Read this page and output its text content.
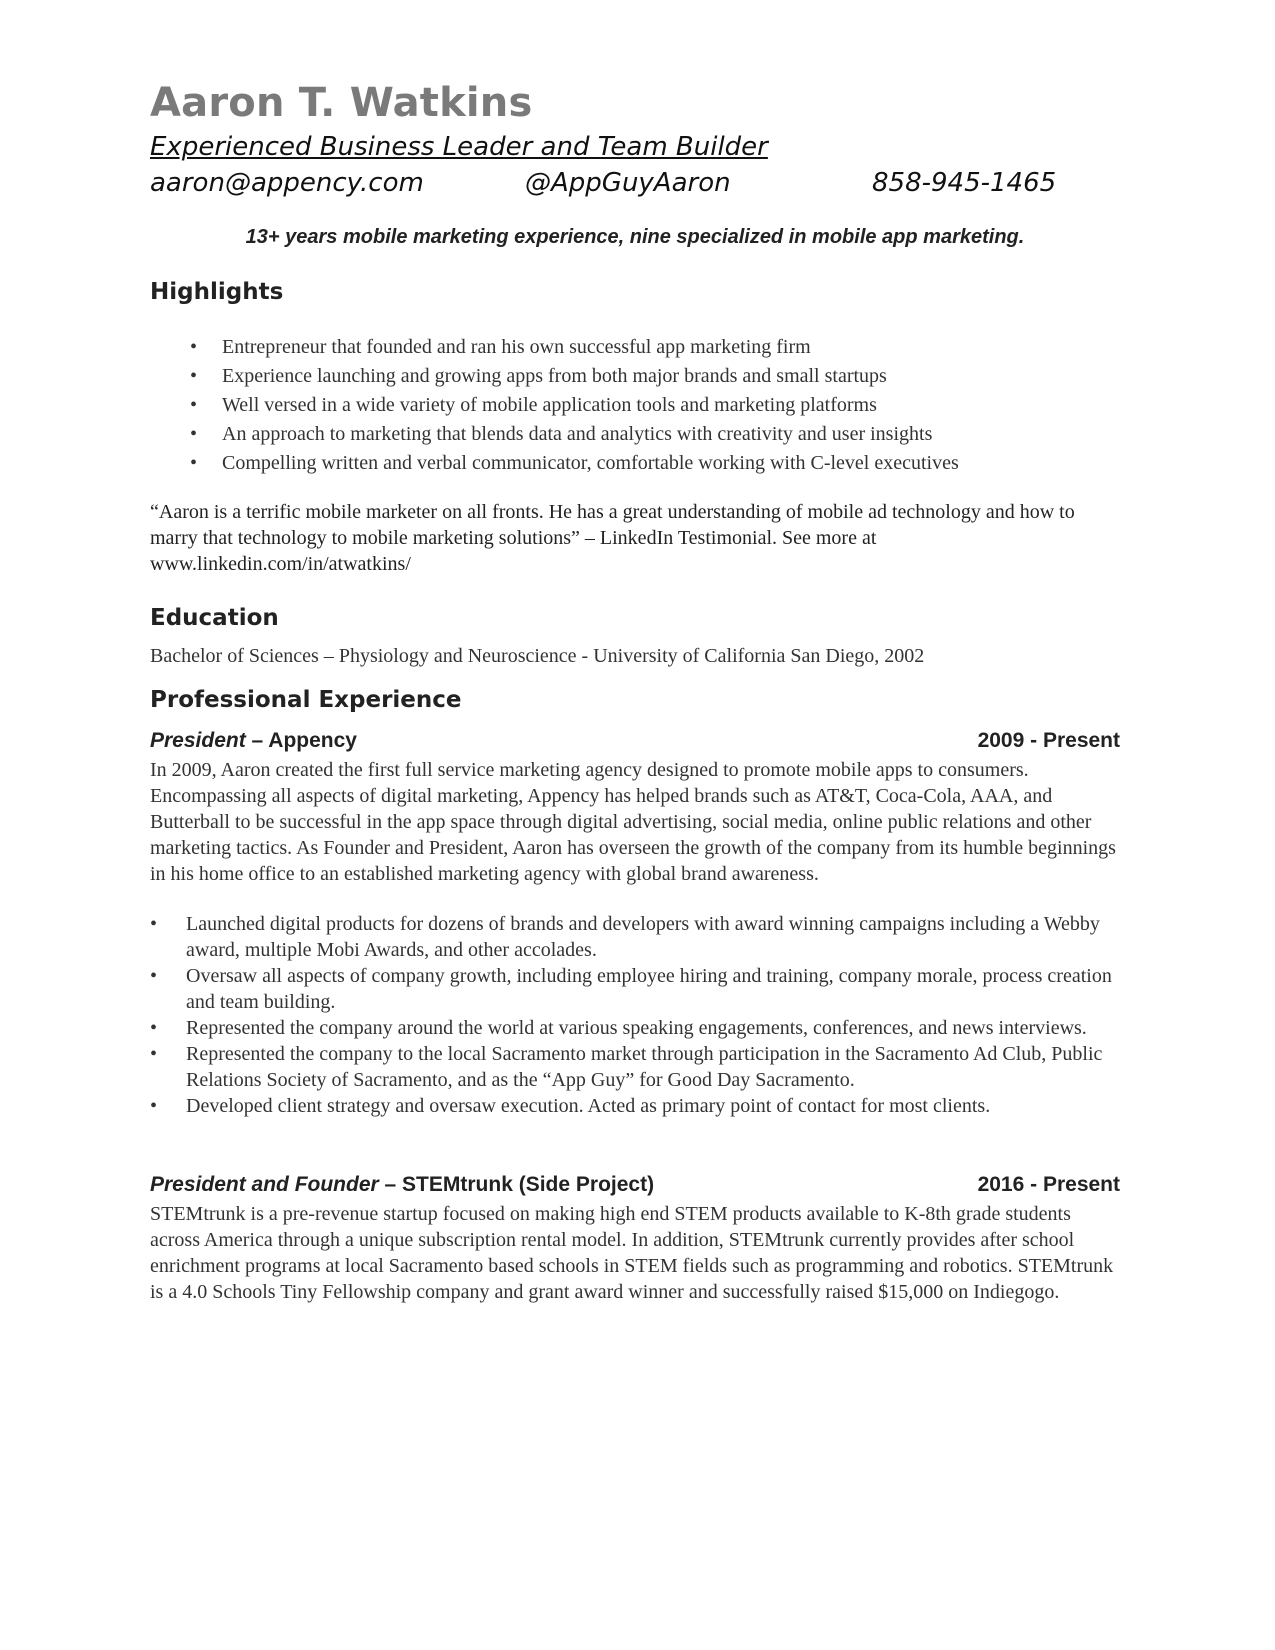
Aaron T. Watkins
Experienced Business Leader and Team Builder
aaron@appency.com	@AppGuyAaron	858-945-1465
13+ years mobile marketing experience, nine specialized in mobile app marketing.
Highlights
• Entrepreneur that founded and ran his own successful app marketing firm
• Experience launching and growing apps from both major brands and small startups
• Well versed in a wide variety of mobile application tools and marketing platforms
• An approach to marketing that blends data and analytics with creativity and user insights
• Compelling written and verbal communicator, comfortable working with C-level executives
“Aaron is a terrific mobile marketer on all fronts. He has a great understanding of mobile ad technology and how to marry that technology to mobile marketing solutions” – LinkedIn Testimonial. See more at www.linkedin.com/in/atwatkins/
Education
Bachelor of Sciences – Physiology and Neuroscience - University of California San Diego, 2002
Professional Experience
President – Appency	2009 - Present
In 2009, Aaron created the first full service marketing agency designed to promote mobile apps to consumers. Encompassing all aspects of digital marketing, Appency has helped brands such as AT&T, Coca-Cola, AAA, and Butterball to be successful in the app space through digital advertising, social media, online public relations and other marketing tactics. As Founder and President, Aaron has overseen the growth of the company from its humble beginnings in his home office to an established marketing agency with global brand awareness.
• Launched digital products for dozens of brands and developers with award winning campaigns including a Webby award, multiple Mobi Awards, and other accolades.
• Oversaw all aspects of company growth, including employee hiring and training, company morale, process creation and team building.
• Represented the company around the world at various speaking engagements, conferences, and news interviews.
• Represented the company to the local Sacramento market through participation in the Sacramento Ad Club, Public Relations Society of Sacramento, and as the “App Guy” for Good Day Sacramento.
• Developed client strategy and oversaw execution. Acted as primary point of contact for most clients.
President and Founder – STEMtrunk (Side Project)	2016 - Present
STEMtrunk is a pre-revenue startup focused on making high end STEM products available to K-8th grade students across America through a unique subscription rental model. In addition, STEMtrunk currently provides after school enrichment programs at local Sacramento based schools in STEM fields such as programming and robotics. STEMtrunk is a 4.0 Schools Tiny Fellowship company and grant award winner and successfully raised $15,000 on Indiegogo.
